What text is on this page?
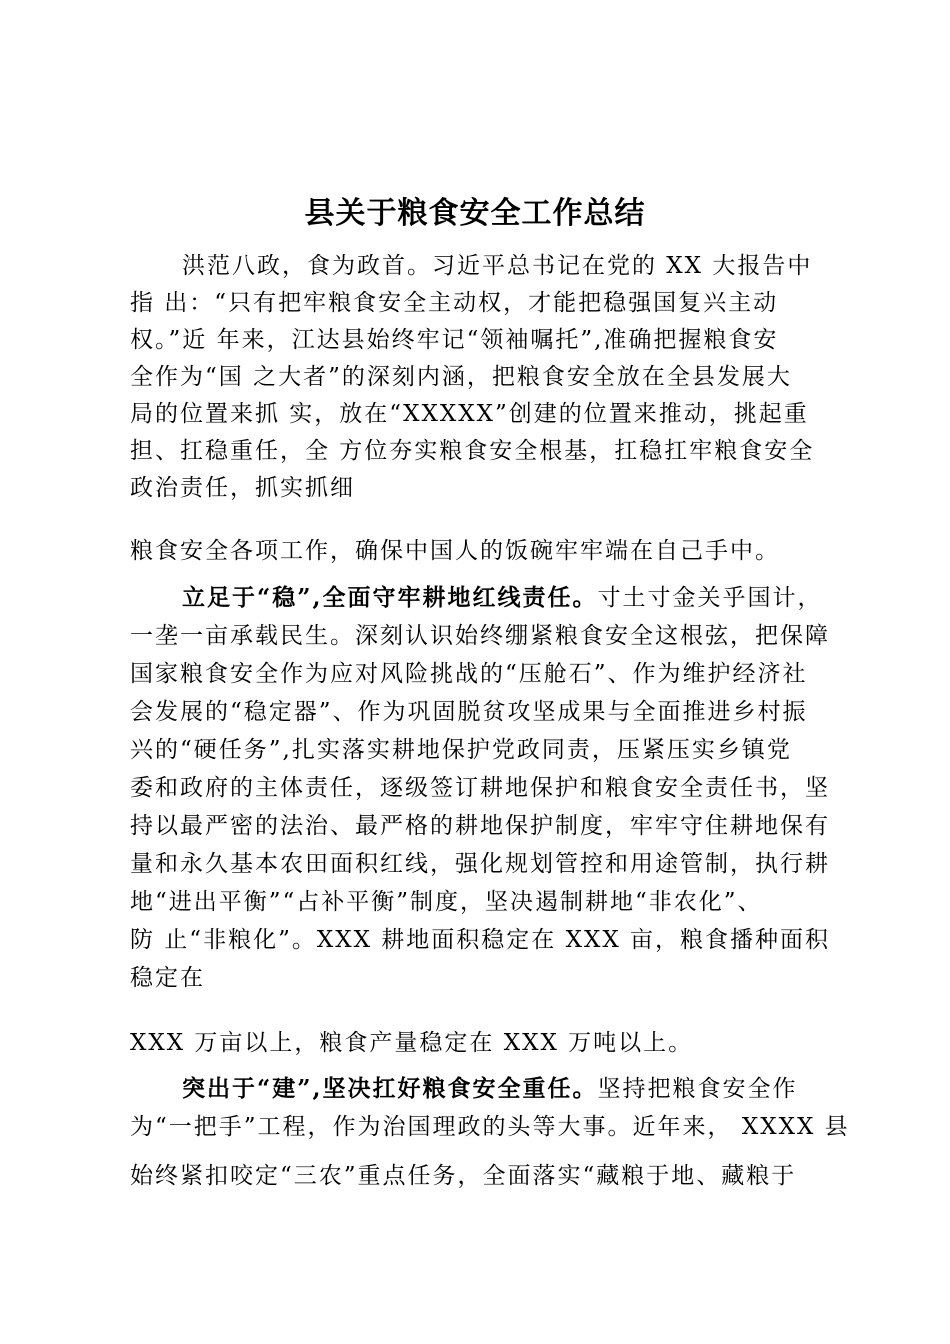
县关于粮食安全工作总结
洪范八政，食为政首。习近平总书记在党的 XX 大报告中
指 出：“只有把牢粮食安全主动权，才能把稳强国复兴主动
权。”近 年来，江达县始终牢记“领袖嘱托”,准确把握粮食安
全作为“国 之大者”的深刻内涵，把粮食安全放在全县发展大
局的位置来抓 实，放在“XXXXX”创建的位置来推动，挑起重
担、扛稳重任，全 方位夯实粮食安全根基，扛稳扛牢粮食安全
政治责任，抓实抓细
粮食安全各项工作，确保中国人的饭碗牢牢端在自己手中。
立足于“稳”,全面守牢耕地红线责任。寸土寸金关乎国计，
一垄一亩承载民生。深刻认识始终绷紧粮食安全这根弦，把保障
国家粮食安全作为应对风险挑战的“压舱石”、作为维护经济社
会发展的“稳定器”、作为巩固脱贫攻坚成果与全面推进乡村振
兴的“硬任务”,扎实落实耕地保护党政同责，压紧压实乡镇党
委和政府的主体责任，逐级签订耕地保护和粮食安全责任书，坚
持以最严密的法治、最严格的耕地保护制度，牢牢守住耕地保有
量和永久基本农田面积红线，强化规划管控和用途管制，执行耕
地“进出平衡”“占补平衡”制度，坚决遏制耕地“非农化”、
防 止“非粮化”。XXX 耕地面积稳定在 XXX 亩，粮食播种面积
稳定在
XXX 万亩以上，粮食产量稳定在 XXX 万吨以上。
突出于“建”,坚决扛好粮食安全重任。坚持把粮食安全作
为“一把手”工程，作为治国理政的头等大事。近年来， XXXX 县
始终紧扣咬定“三农”重点任务，全面落实“藏粮于地、藏粮于
